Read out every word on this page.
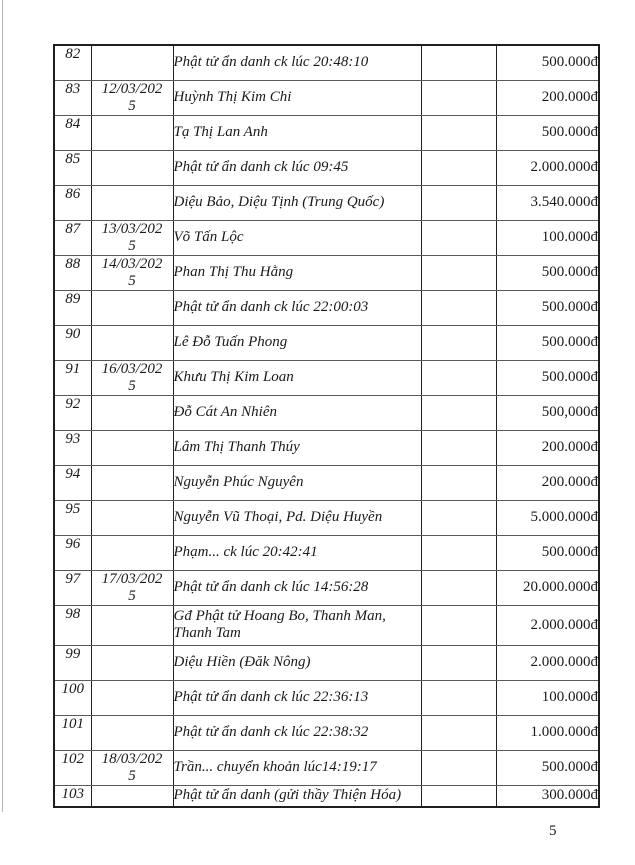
82		Phật tử ẩn danh ck lúc 20:48:10		500.000đ
83	12/03/2025	Huỳnh Thị Kim Chi		200.000đ
84		Tạ Thị Lan Anh		500.000đ
85		Phật tử ẩn danh ck lúc 09:45		2.000.000đ
86		Diệu Bảo, Diệu Tịnh (Trung Quốc)		3.540.000đ
87	13/03/2025	Võ Tấn Lộc		100.000đ
88	14/03/2025	Phan Thị Thu Hằng		500.000đ
89		Phật tử ẩn danh ck lúc 22:00:03		500.000đ
90		Lê Đỗ Tuấn Phong		500.000đ
91	16/03/2025	Khưu Thị Kim Loan		500.000đ
92		Đỗ Cát An Nhiên		500,000đ
93		Lâm Thị Thanh Thúy		200.000đ
94		Nguyễn Phúc Nguyên		200.000đ
95		Nguyễn Vũ Thoại, Pd. Diệu Huyền		5.000.000đ
96		Phạm... ck lúc 20:42:41		500.000đ
97	17/03/2025	Phật tử ẩn danh ck lúc 14:56:28		20.000.000đ
98		Gđ Phật tử Hoang Bo, Thanh Man, Thanh Tam		2.000.000đ
99		Diệu Hiền (Đăk Nông)		2.000.000đ
100		Phật tử ẩn danh ck lúc 22:36:13		100.000đ
101		Phật tử ẩn danh ck lúc 22:38:32		1.000.000đ
102	18/03/2025	Trần... chuyển khoản lúc14:19:17		500.000đ
103		Phật tử ẩn danh (gửi thầy Thiện Hóa)		300.000đ
5
